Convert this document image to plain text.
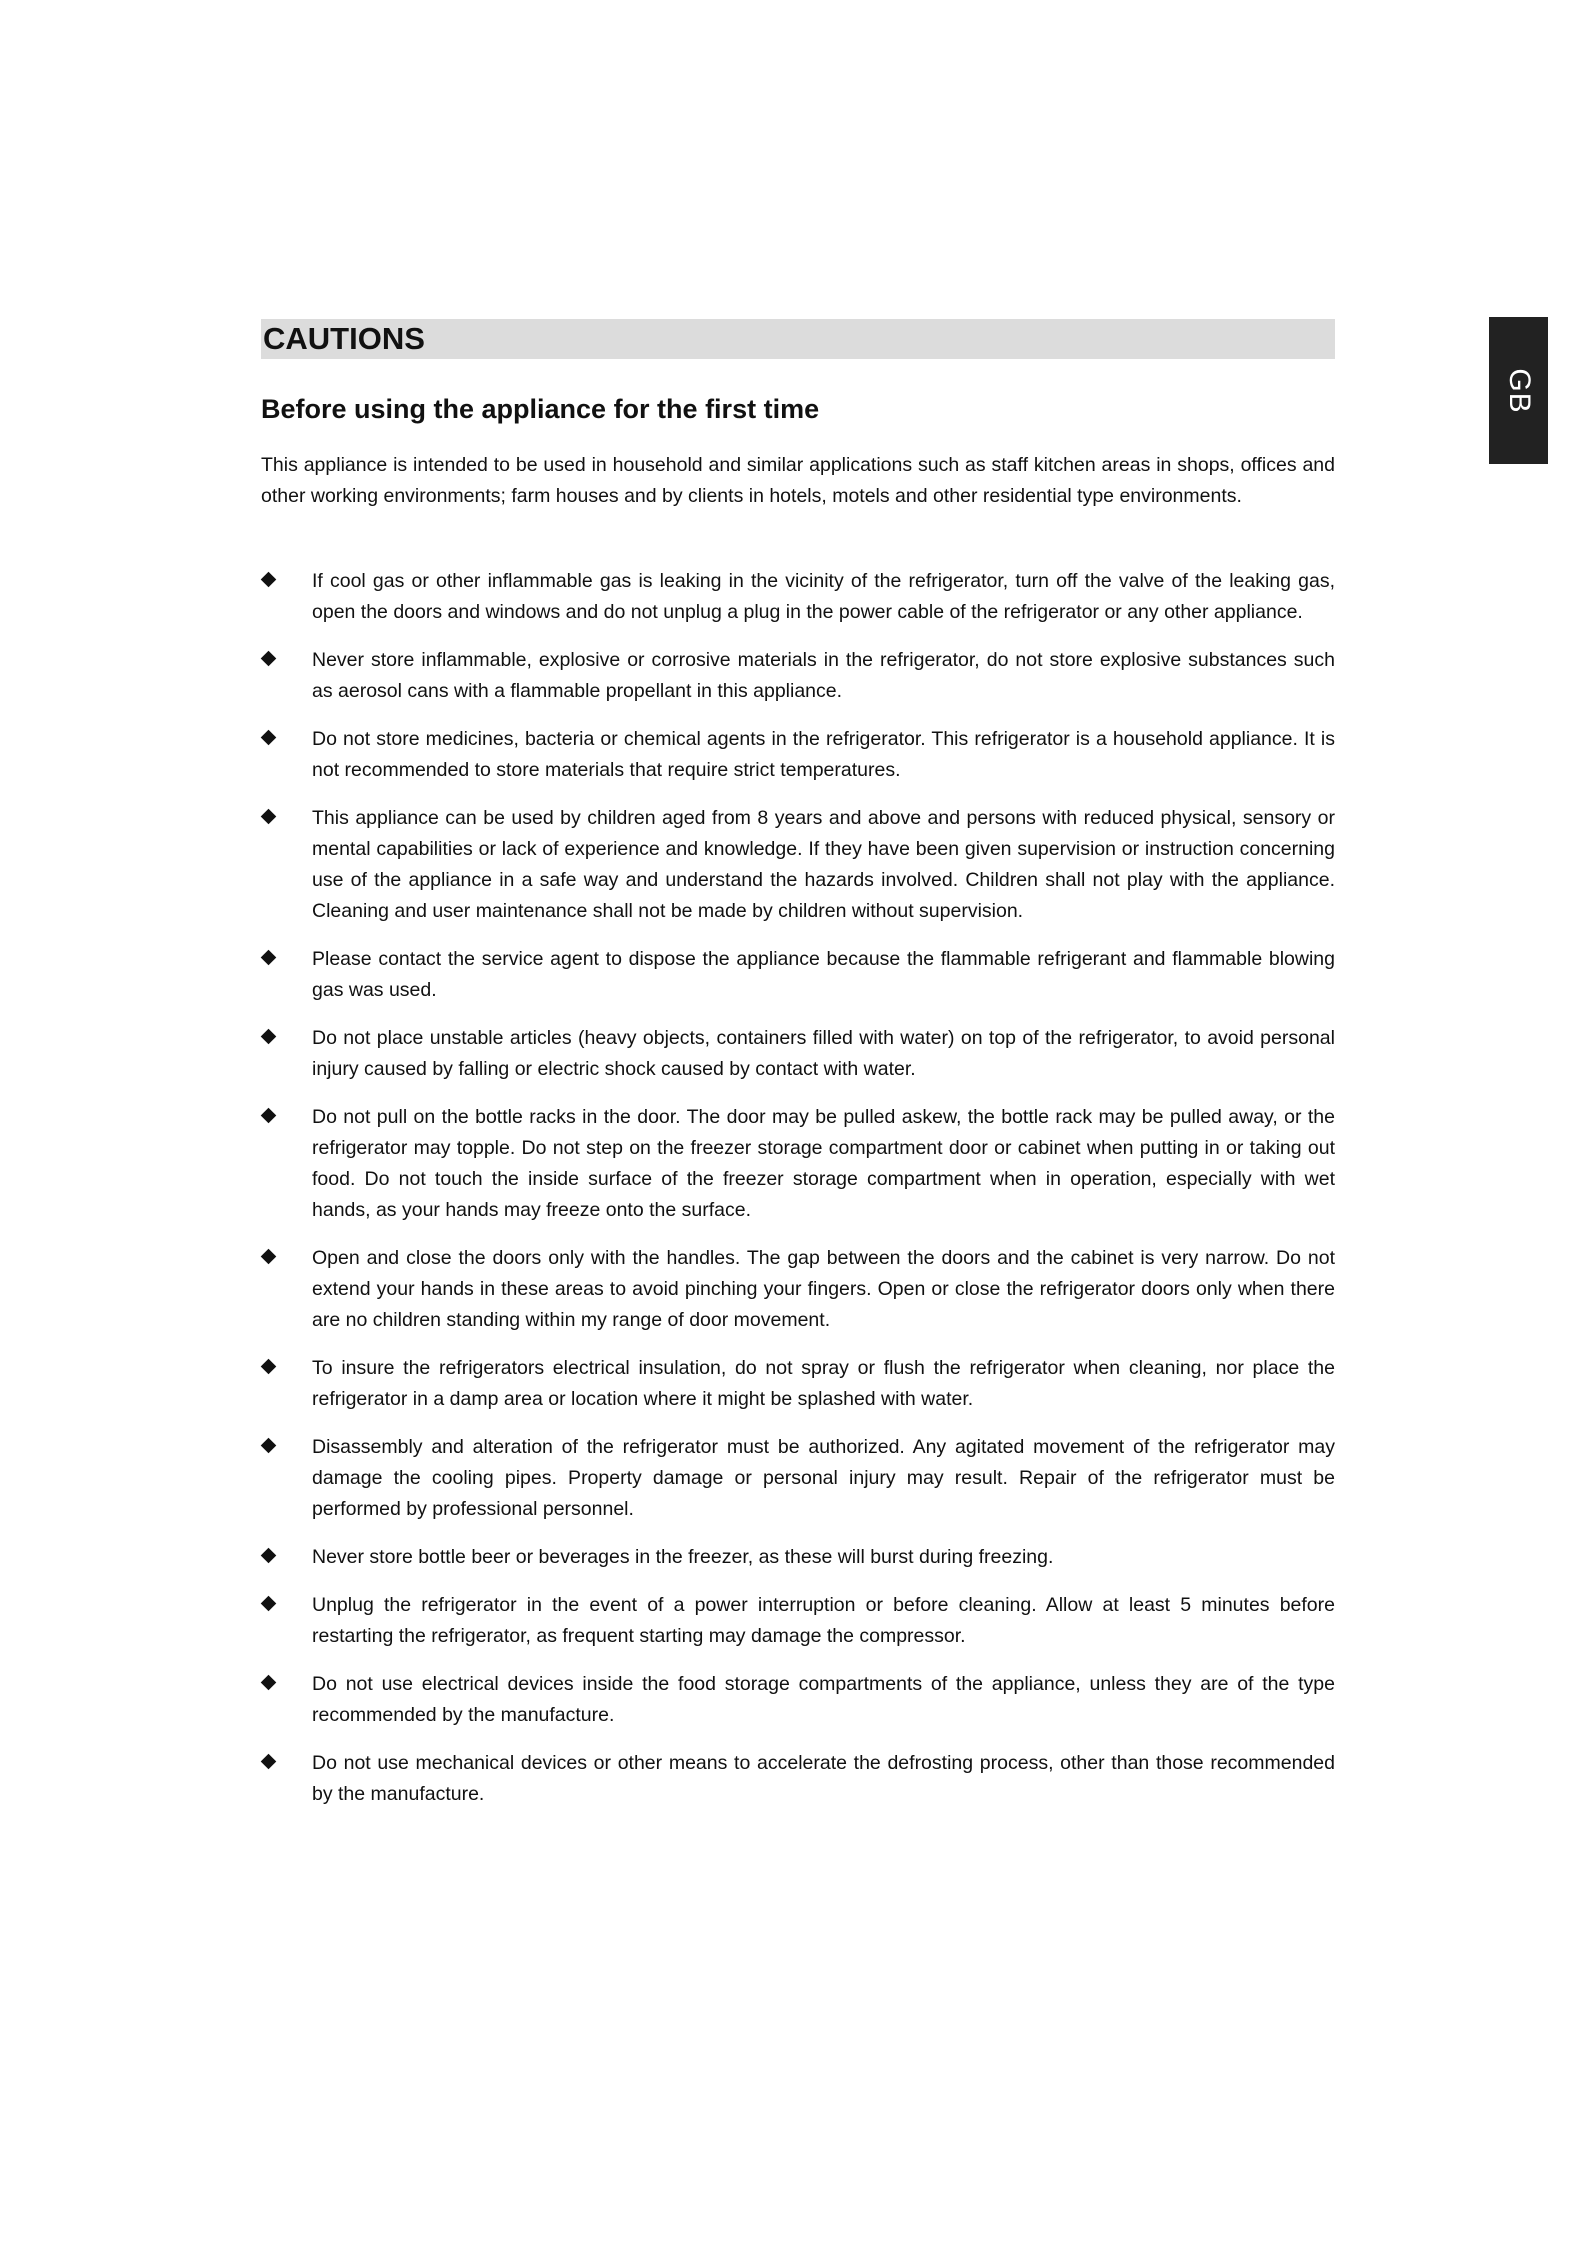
GB
CAUTIONS
Before using the appliance for the first time

This appliance is intended to be used in household and similar applications such as staff kitchen areas in shops, offices and other working environments; farm houses and by clients in hotels, motels and other residential type environments.

If cool gas or other inflammable gas is leaking in the vicinity of the refrigerator, turn off the valve of the leaking gas, open the doors and windows and do not unplug a plug in the power cable of the refrigerator or any other appliance.
Never store inflammable, explosive or corrosive materials in the refrigerator, do not store explosive substances such as aerosol cans with a flammable propellant in this appliance.
Do not store medicines, bacteria or chemical agents in the refrigerator. This refrigerator is a household appliance. It is not recommended to store materials that require strict temperatures.
This appliance can be used by children aged from 8 years and above and persons with reduced physical, sensory or mental capabilities or lack of experience and knowledge. If they have been given supervision or instruction concerning use of the appliance in a safe way and understand the hazards involved. Children shall not play with the appliance. Cleaning and user maintenance shall not be made by children without supervision.
Please contact the service agent to dispose the appliance because the flammable refrigerant and flammable blowing gas was used.
Do not place unstable articles (heavy objects, containers filled with water) on top of the refrigerator, to avoid personal injury caused by falling or electric shock caused by contact with water.
Do not pull on the bottle racks in the door. The door may be pulled askew, the bottle rack may be pulled away, or the refrigerator may topple. Do not step on the freezer storage compartment door or cabinet when putting in or taking out food. Do not touch the inside surface of the freezer storage compartment when in operation, especially with wet hands, as your hands may freeze onto the surface.
Open and close the doors only with the handles. The gap between the doors and the cabinet is very narrow. Do not extend your hands in these areas to avoid pinching your fingers. Open or close the refrigerator doors only when there are no children standing within my range of door movement.
To insure the refrigerators electrical insulation, do not spray or flush the refrigerator when cleaning, nor place the refrigerator in a damp area or location where it might be splashed with water.
Disassembly and alteration of the refrigerator must be authorized. Any agitated movement of the refrigerator may damage the cooling pipes. Property damage or personal injury may result. Repair of the refrigerator must be performed by professional personnel.
Never store bottle beer or beverages in the freezer, as these will burst during freezing.
Unplug the refrigerator in the event of a power interruption or before cleaning. Allow at least 5 minutes before restarting the refrigerator, as frequent starting may damage the compressor.
Do not use electrical devices inside the food storage compartments of the appliance, unless they are of the type recommended by the manufacture.
Do not use mechanical devices or other means to accelerate the defrosting process, other than those recommended by the manufacture.
